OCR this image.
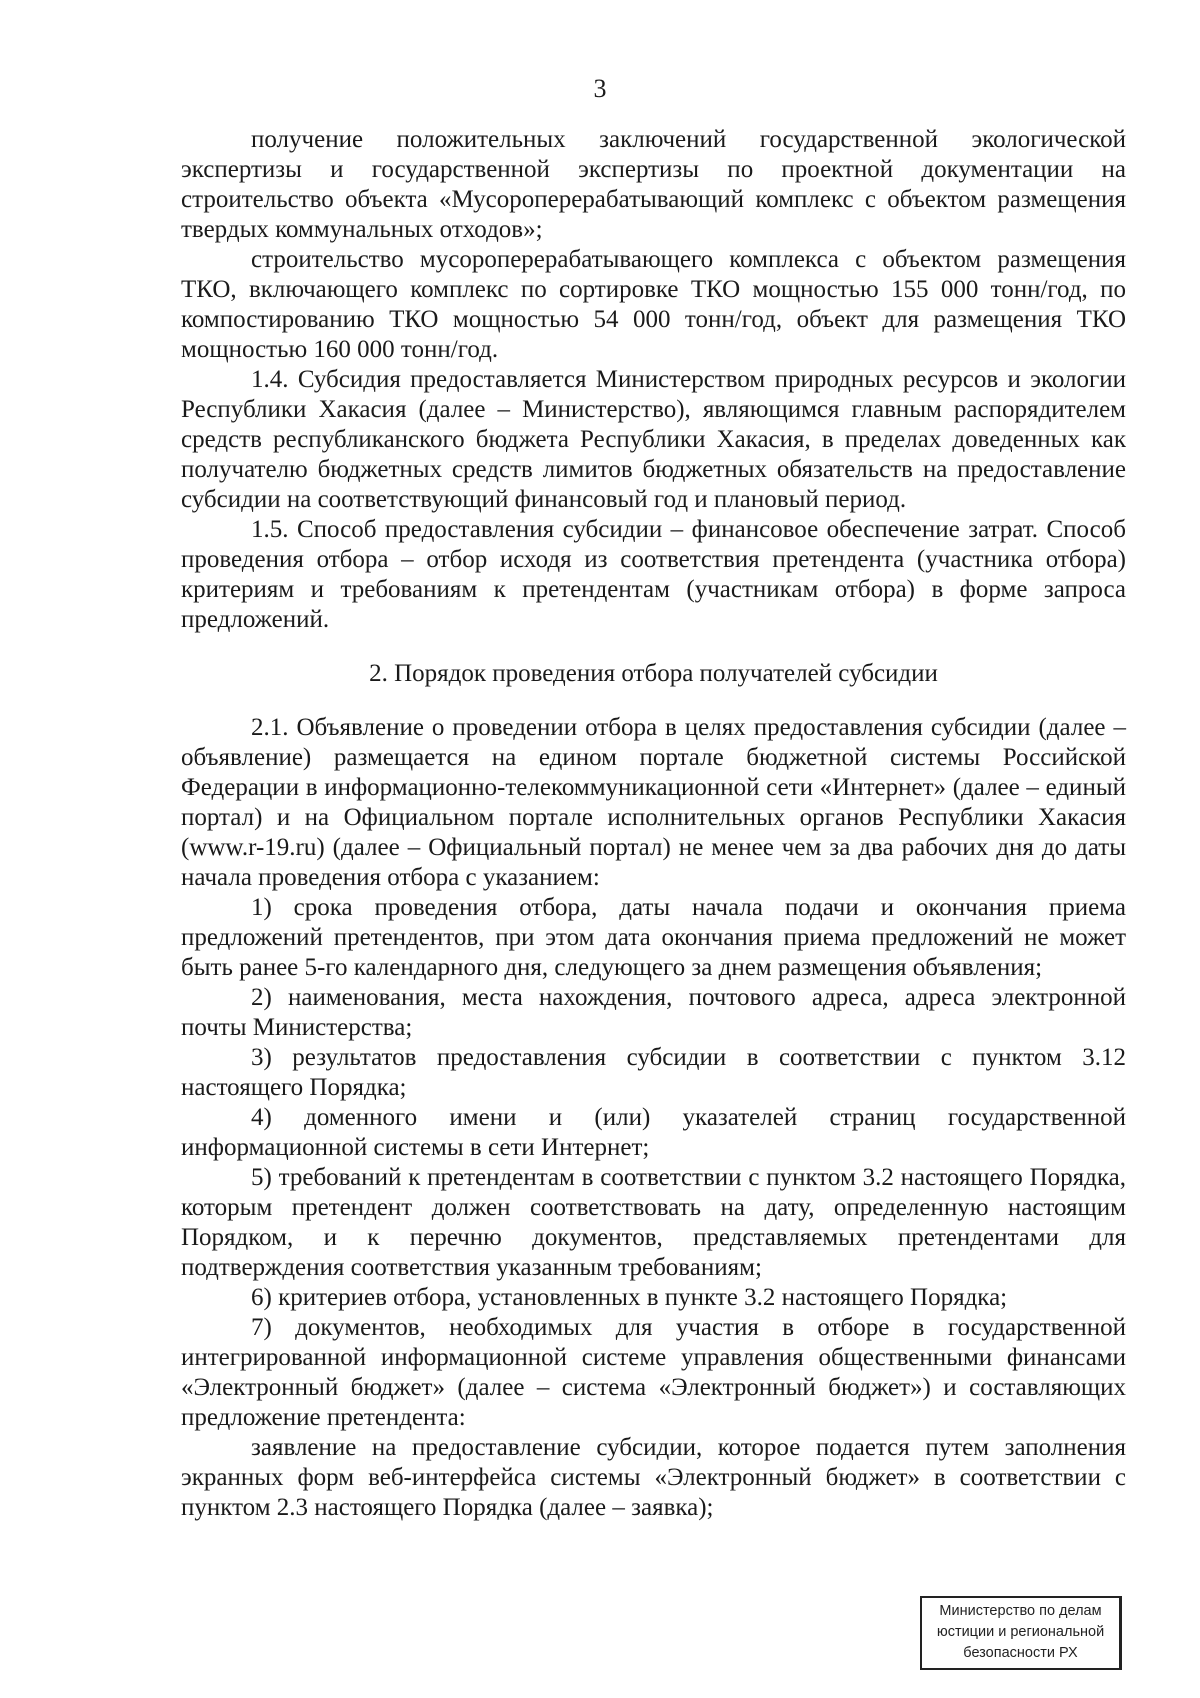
3

получение положительных заключений государственной экологической экспертизы и государственной экспертизы по проектной документации на строительство объекта «Мусороперерабатывающий комплекс с объектом размещения твердых коммунальных отходов»;

строительство мусороперерабатывающего комплекса с объектом размещения ТКО, включающего комплекс по сортировке ТКО мощностью 155 000 тонн/год, по компостированию ТКО мощностью 54 000 тонн/год, объект для размещения ТКО мощностью 160 000 тонн/год.

1.4. Субсидия предоставляется Министерством природных ресурсов и экологии Республики Хакасия (далее – Министерство), являющимся главным распорядителем средств республиканского бюджета Республики Хакасия, в пределах доведенных как получателю бюджетных средств лимитов бюджетных обязательств на предоставление субсидии на соответствующий финансовый год и плановый период.

1.5. Способ предоставления субсидии – финансовое обеспечение затрат. Способ проведения отбора – отбор исходя из соответствия претендента (участника отбора) критериям и требованиям к претендентам (участникам отбора) в форме запроса предложений.

2. Порядок проведения отбора получателей субсидии

2.1. Объявление о проведении отбора в целях предоставления субсидии (далее – объявление) размещается на едином портале бюджетной системы Российской Федерации в информационно-телекоммуникационной сети «Интернет» (далее – единый портал) и на Официальном портале исполнительных органов Республики Хакасия (www.r-19.ru) (далее – Официальный портал) не менее чем за два рабочих дня до даты начала проведения отбора с указанием:

1) срока проведения отбора, даты начала подачи и окончания приема предложений претендентов, при этом дата окончания приема предложений не может быть ранее 5-го календарного дня, следующего за днем размещения объявления;

2) наименования, места нахождения, почтового адреса, адреса электронной почты Министерства;

3) результатов предоставления субсидии в соответствии с пунктом 3.12 настоящего Порядка;

4) доменного имени и (или) указателей страниц государственной информационной системы в сети Интернет;

5) требований к претендентам в соответствии с пунктом 3.2 настоящего Порядка, которым претендент должен соответствовать на дату, определенную настоящим Порядком, и к перечню документов, представляемых претендентами для подтверждения соответствия указанным требованиям;

6) критериев отбора, установленных в пункте 3.2 настоящего Порядка;

7) документов, необходимых для участия в отборе в государственной интегрированной информационной системе управления общественными финансами «Электронный бюджет» (далее – система «Электронный бюджет») и составляющих предложение претендента:

заявление на предоставление субсидии, которое подается путем заполнения экранных форм веб-интерфейса системы «Электронный бюджет» в соответствии с пунктом 2.3 настоящего Порядка (далее – заявка);

Министерство по делам
юстиции и региональной
безопасности РХ
